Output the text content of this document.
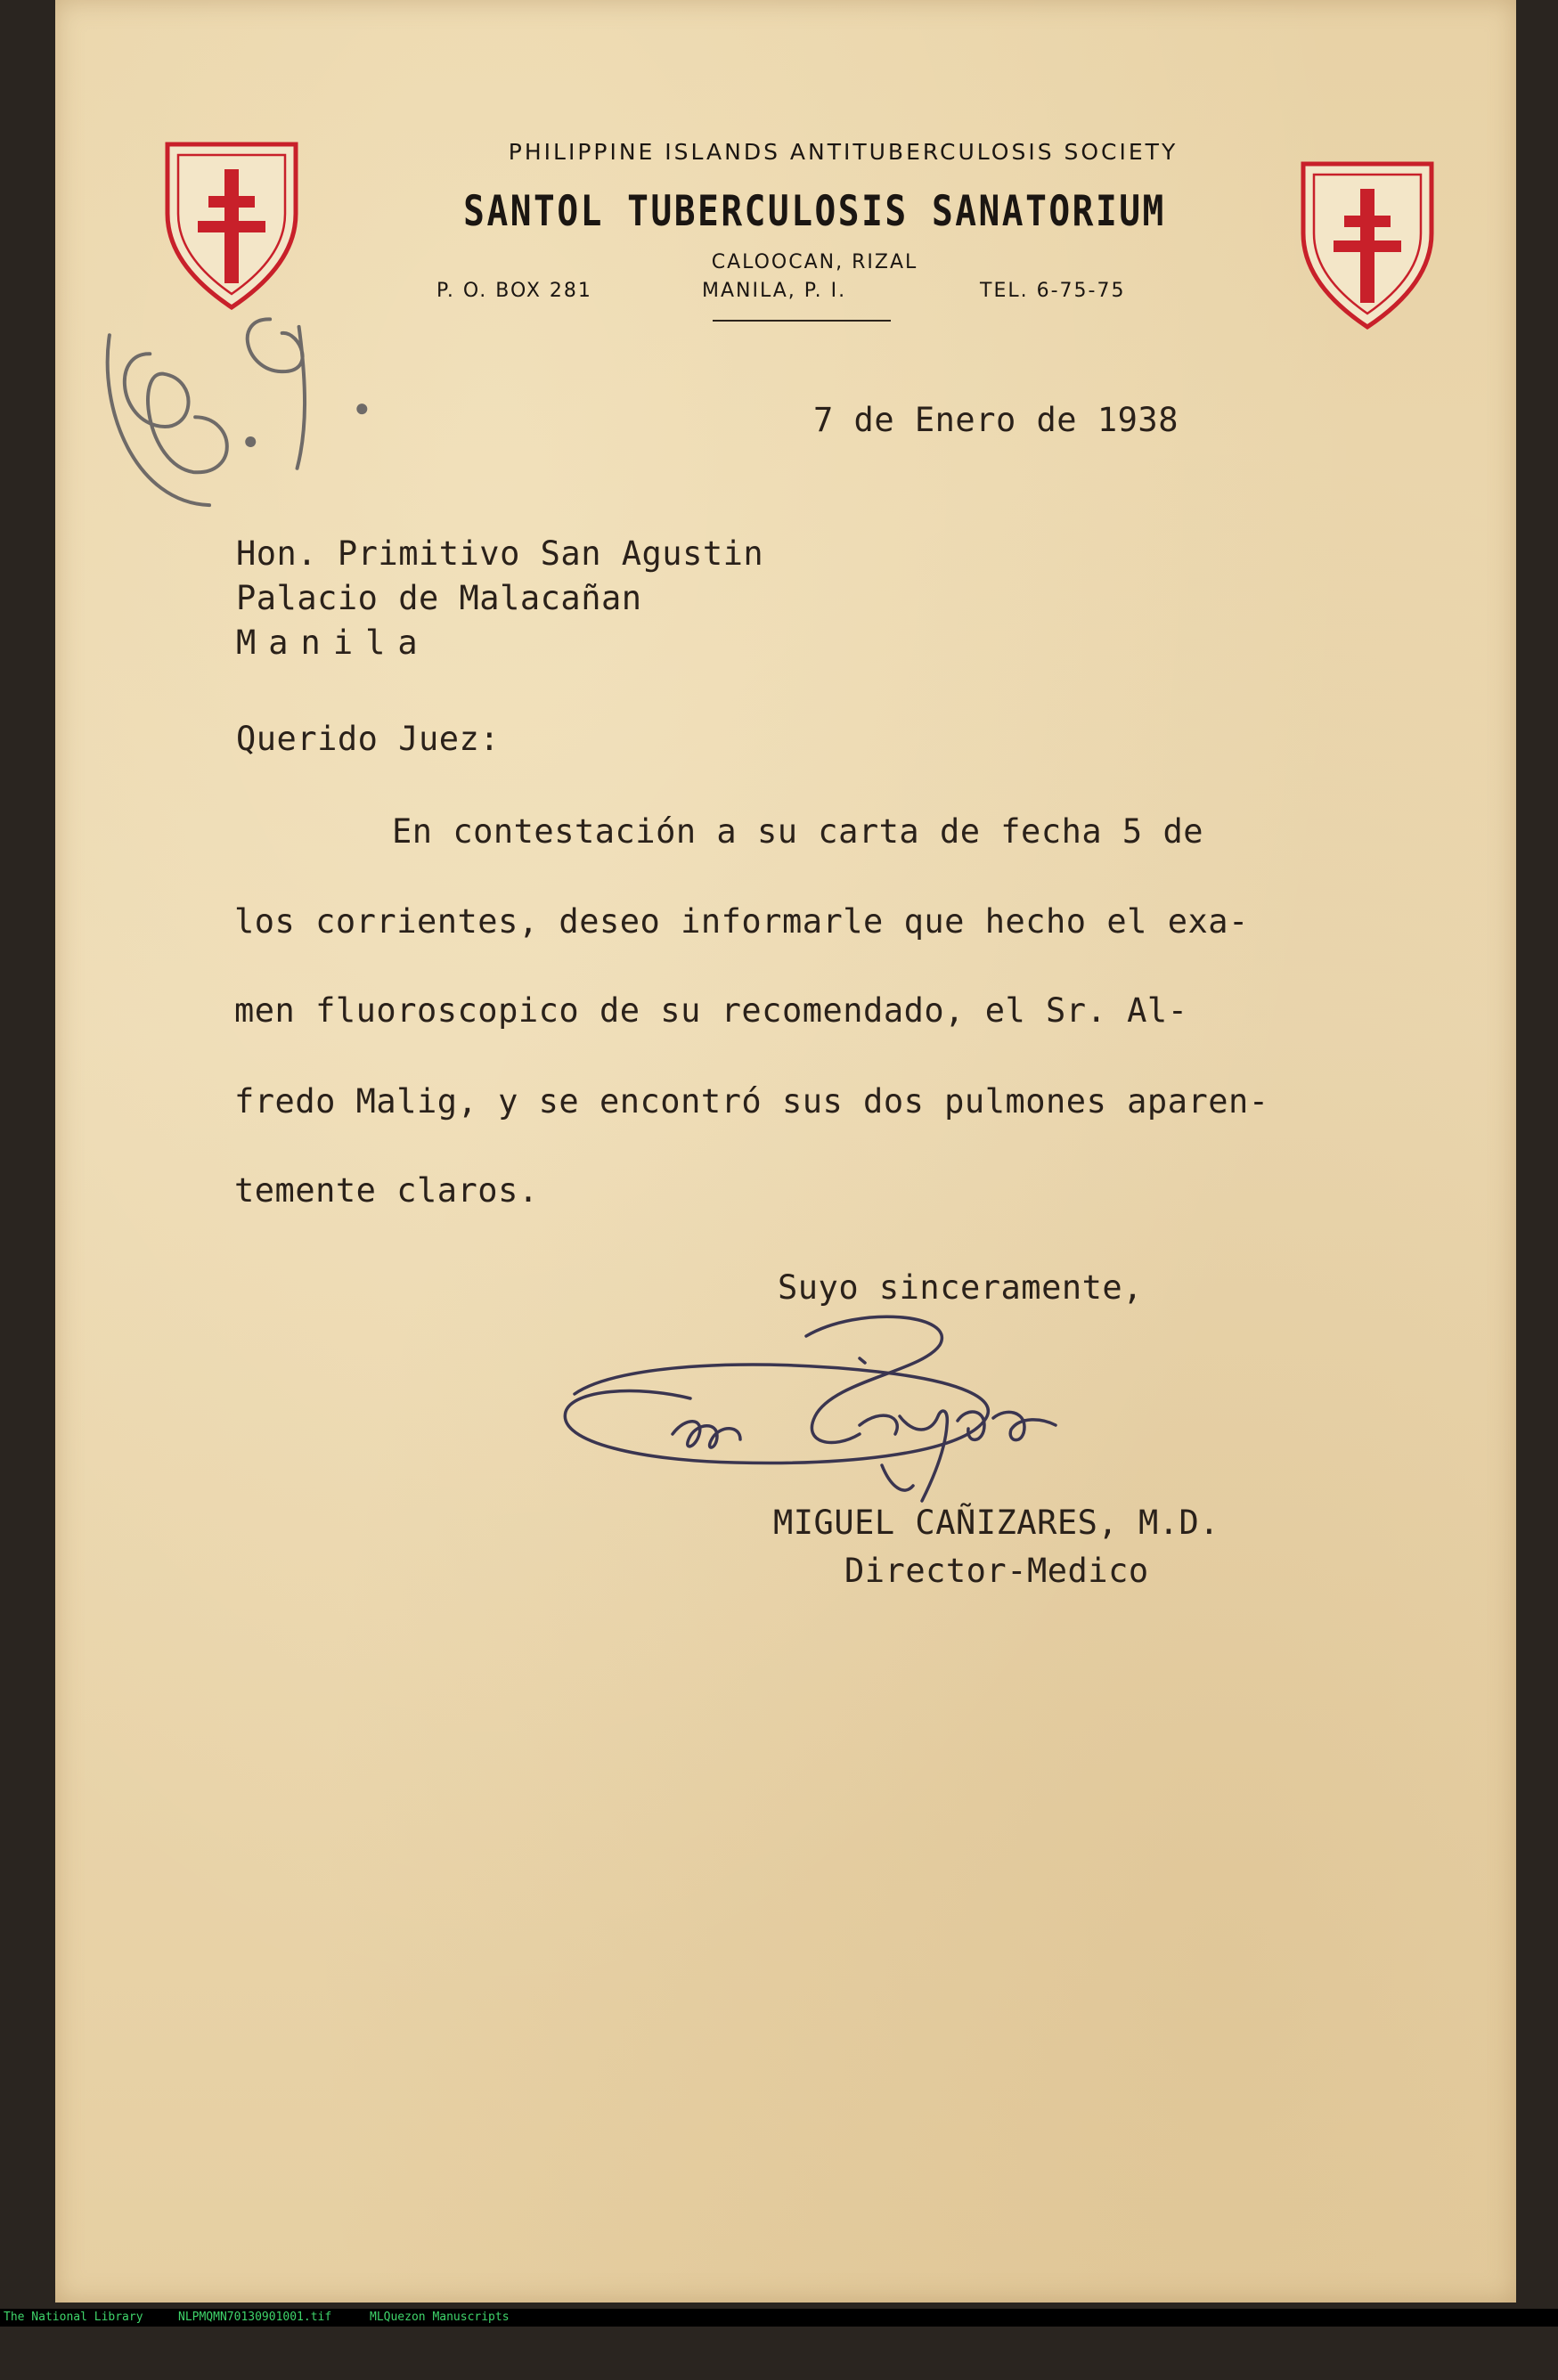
PHILIPPINE ISLANDS ANTITUBERCULOSIS SOCIETY

SANTOL TUBERCULOSIS SANATORIUM

CALOOCAN, RIZAL

P. O. BOX 281	MANILA, P. I.	TEL. 6-75-75

7 de Enero de 1938

Hon. Primitivo San Agustin

Palacio de Malacañan

Manila

Querido Juez:

En contestación a su carta de fecha 5 de

los corrientes, deseo informarle que hecho el exa-

men fluoroscopico de su recomendado, el Sr. Al-

fredo Malig, y se encontró sus dos pulmones aparen-

temente claros.

Suyo sinceramente,

MIGUEL CAÑIZARES, M.D.

Director-Medico

The National Library

	NLPMQMN70130901001.tif

	MLQuezon Manuscripts
